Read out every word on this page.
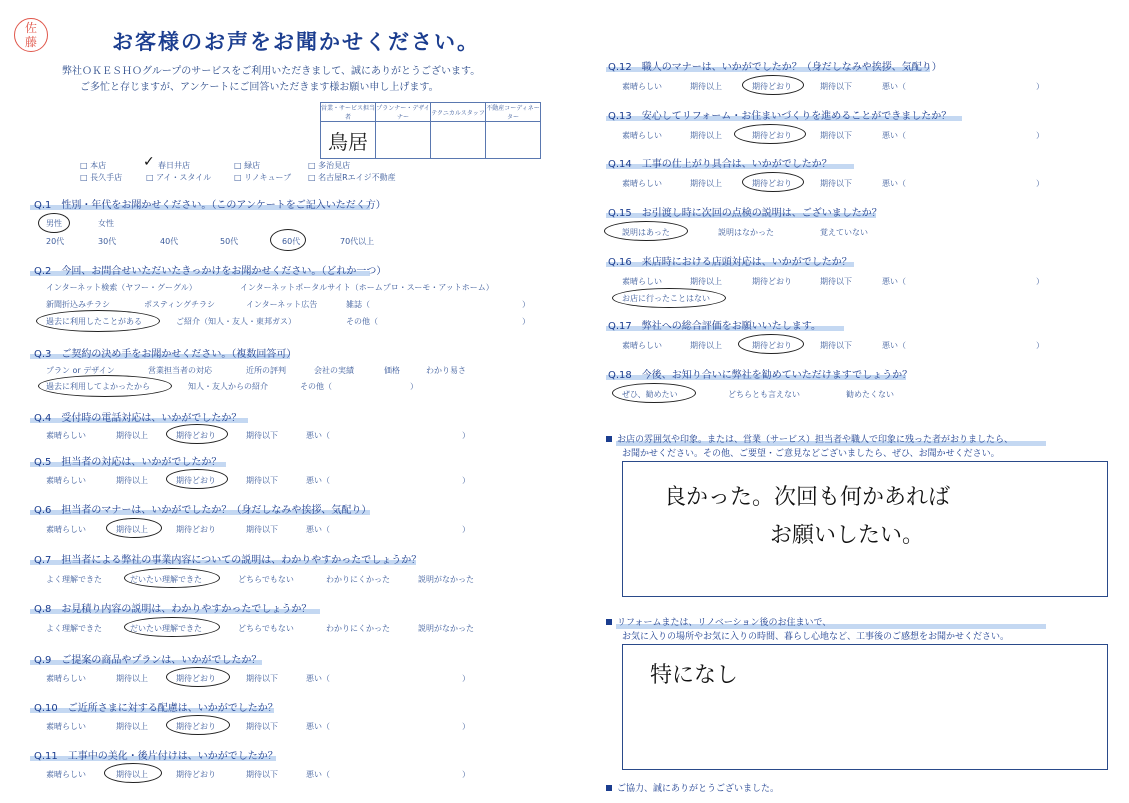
佐藤	お客様のお声をお聞かせください。
弊社ＯＫＥＳＨＯグループのサービスをご利用いただきまして、誠にありがとうございます。
ご多忙と存じますが、アンケートにご回答いただきます様お願い申し上げます。
営業・サービス担当者	プランナー・デザイナー	テクニカルスタッフ	不動産コーディネーター
鳥居			
□ 本店	✓ 春日井店	□ 緑店	□ 多治見店
□ 長久手店	□ アイ・スタイル	□ リノキューブ □ 名古屋Rエイジ不動産
Q.1　性別・年代をお聞かせください。（このアンケートをご記入いただく方）
男性	女性
20代	30代	40代	50代	60代	70代以上
Q.2　今回、お問合せいただいたきっかけをお聞かせください。（どれか一つ）
インターネット検索（ヤフー・グーグル）	インターネットポータルサイト（ホームプロ・スーモ・アットホーム）
新聞折込みチラシ	ポスティングチラシ	インターネット広告	雑誌（	）
過去に利用したことがある	ご紹介（知人・友人・東邦ガス）	その他（	）
Q.3　ご契約の決め手をお聞かせください。（複数回答可）
プラン or デザイン	営業担当者の対応	近所の評判	会社の実績	価格	わかり易さ
過去に利用してよかったから	知人・友人からの紹介	その他（	）
Q.4　受付時の電話対応は、いかがでしたか？
素晴らしい	期待以上	期待どおり	期待以下	悪い（	）
Q.5　担当者の対応は、いかがでしたか？
素晴らしい	期待以上	期待どおり	期待以下	悪い（	）
Q.6　担当者のマナーは、いかがでしたか？（身だしなみや挨拶、気配り）
素晴らしい	期待以上	期待どおり	期待以下	悪い（	）
Q.7　担当者による弊社の事業内容についての説明は、わかりやすかったでしょうか？
よく理解できた	だいたい理解できた	どちらでもない	わかりにくかった	説明がなかった
Q.8　お見積り内容の説明は、わかりやすかったでしょうか？
よく理解できた	だいたい理解できた	どちらでもない	わかりにくかった	説明がなかった
Q.9　ご提案の商品やプランは、いかがでしたか？
素晴らしい	期待以上	期待どおり	期待以下	悪い（	）
Q.10　ご近所さまに対する配慮は、いかがでしたか？
素晴らしい	期待以上	期待どおり	期待以下	悪い（	）
Q.11　工事中の美化・後片付けは、いかがでしたか？
素晴らしい	期待以上	期待どおり	期待以下	悪い（	）
Q.12　職人のマナーは、いかがでしたか？（身だしなみや挨拶、気配り）
素晴らしい	期待以上	期待どおり	期待以下	悪い（	）
Q.13　安心してリフォーム・お住まいづくりを進めることができましたか？
素晴らしい	期待以上	期待どおり	期待以下	悪い（	）
Q.14　工事の仕上がり具合は、いかがでしたか？
素晴らしい	期待以上	期待どおり	期待以下	悪い（	）
Q.15　お引渡し時に次回の点検の説明は、ございましたか？
説明はあった	説明はなかった	覚えていない
Q.16　来店時における店頭対応は、いかがでしたか？
素晴らしい	期待以上	期待どおり	期待以下	悪い（	）
お店に行ったことはない
Q.17　弊社への総合評価をお願いいたします。
素晴らしい	期待以上	期待どおり	期待以下	悪い（	）
Q.18　今後、お知り合いに弊社を勧めていただけますでしょうか？
ぜひ、勧めたい	どちらとも言えない	勧めたくない
お店の雰囲気や印象。または、営業（サービス）担当者や職人で印象に残った者がおりましたら、
お聞かせください。その他、ご要望・ご意見などございましたら、ぜひ、お聞かせください。
良かった。次回も何かあれば
お願いしたい。
リフォームまたは、リノベーション後のお住まいで、
お気に入りの場所やお気に入りの時間、暮らし心地など、工事後のご感想をお聞かせください。
特になし
ご協力、誠にありがとうございました。
